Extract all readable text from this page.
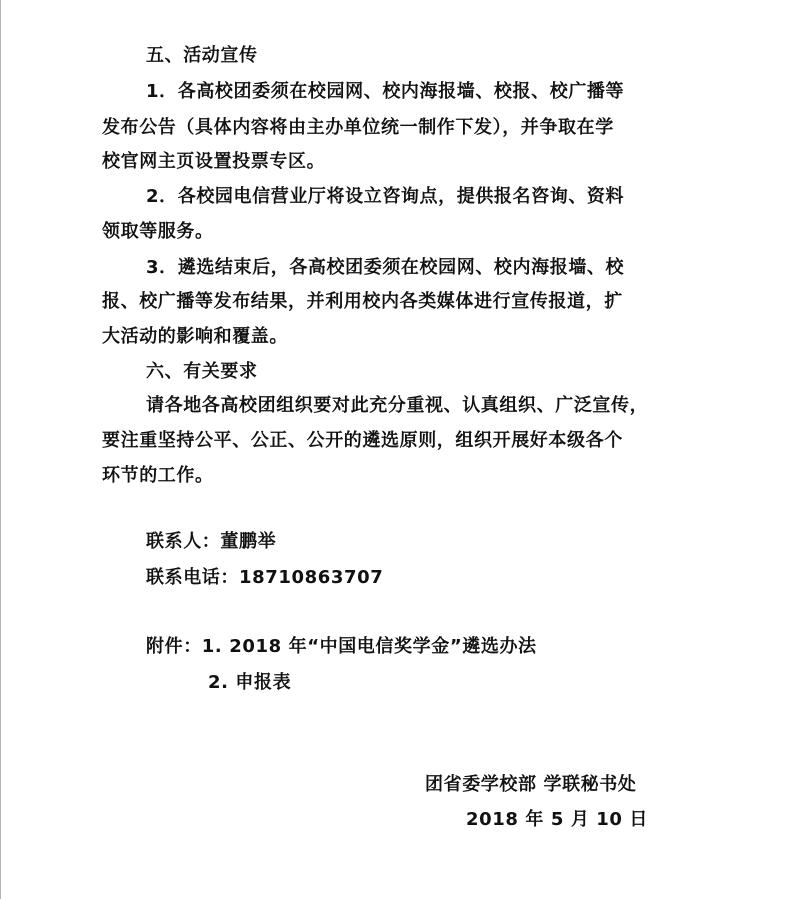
五、活动宣传
1．各高校团委须在校园网、校内海报墙、校报、校广播等
发布公告（具体内容将由主办单位统一制作下发），并争取在学
校官网主页设置投票专区。
2．各校园电信营业厅将设立咨询点，提供报名咨询、资料
领取等服务。
3．遴选结束后，各高校团委须在校园网、校内海报墙、校
报、校广播等发布结果，并利用校内各类媒体进行宣传报道，扩
大活动的影响和覆盖。
六、有关要求
请各地各高校团组织要对此充分重视、认真组织、广泛宣传，
要注重坚持公平、公正、公开的遴选原则，组织开展好本级各个
环节的工作。
联系人：董鹏举
联系电话：18710863707
附件：1. 2018 年“中国电信奖学金”遴选办法
2. 申报表
团省委学校部 学联秘书处
2018 年 5 月 10 日
